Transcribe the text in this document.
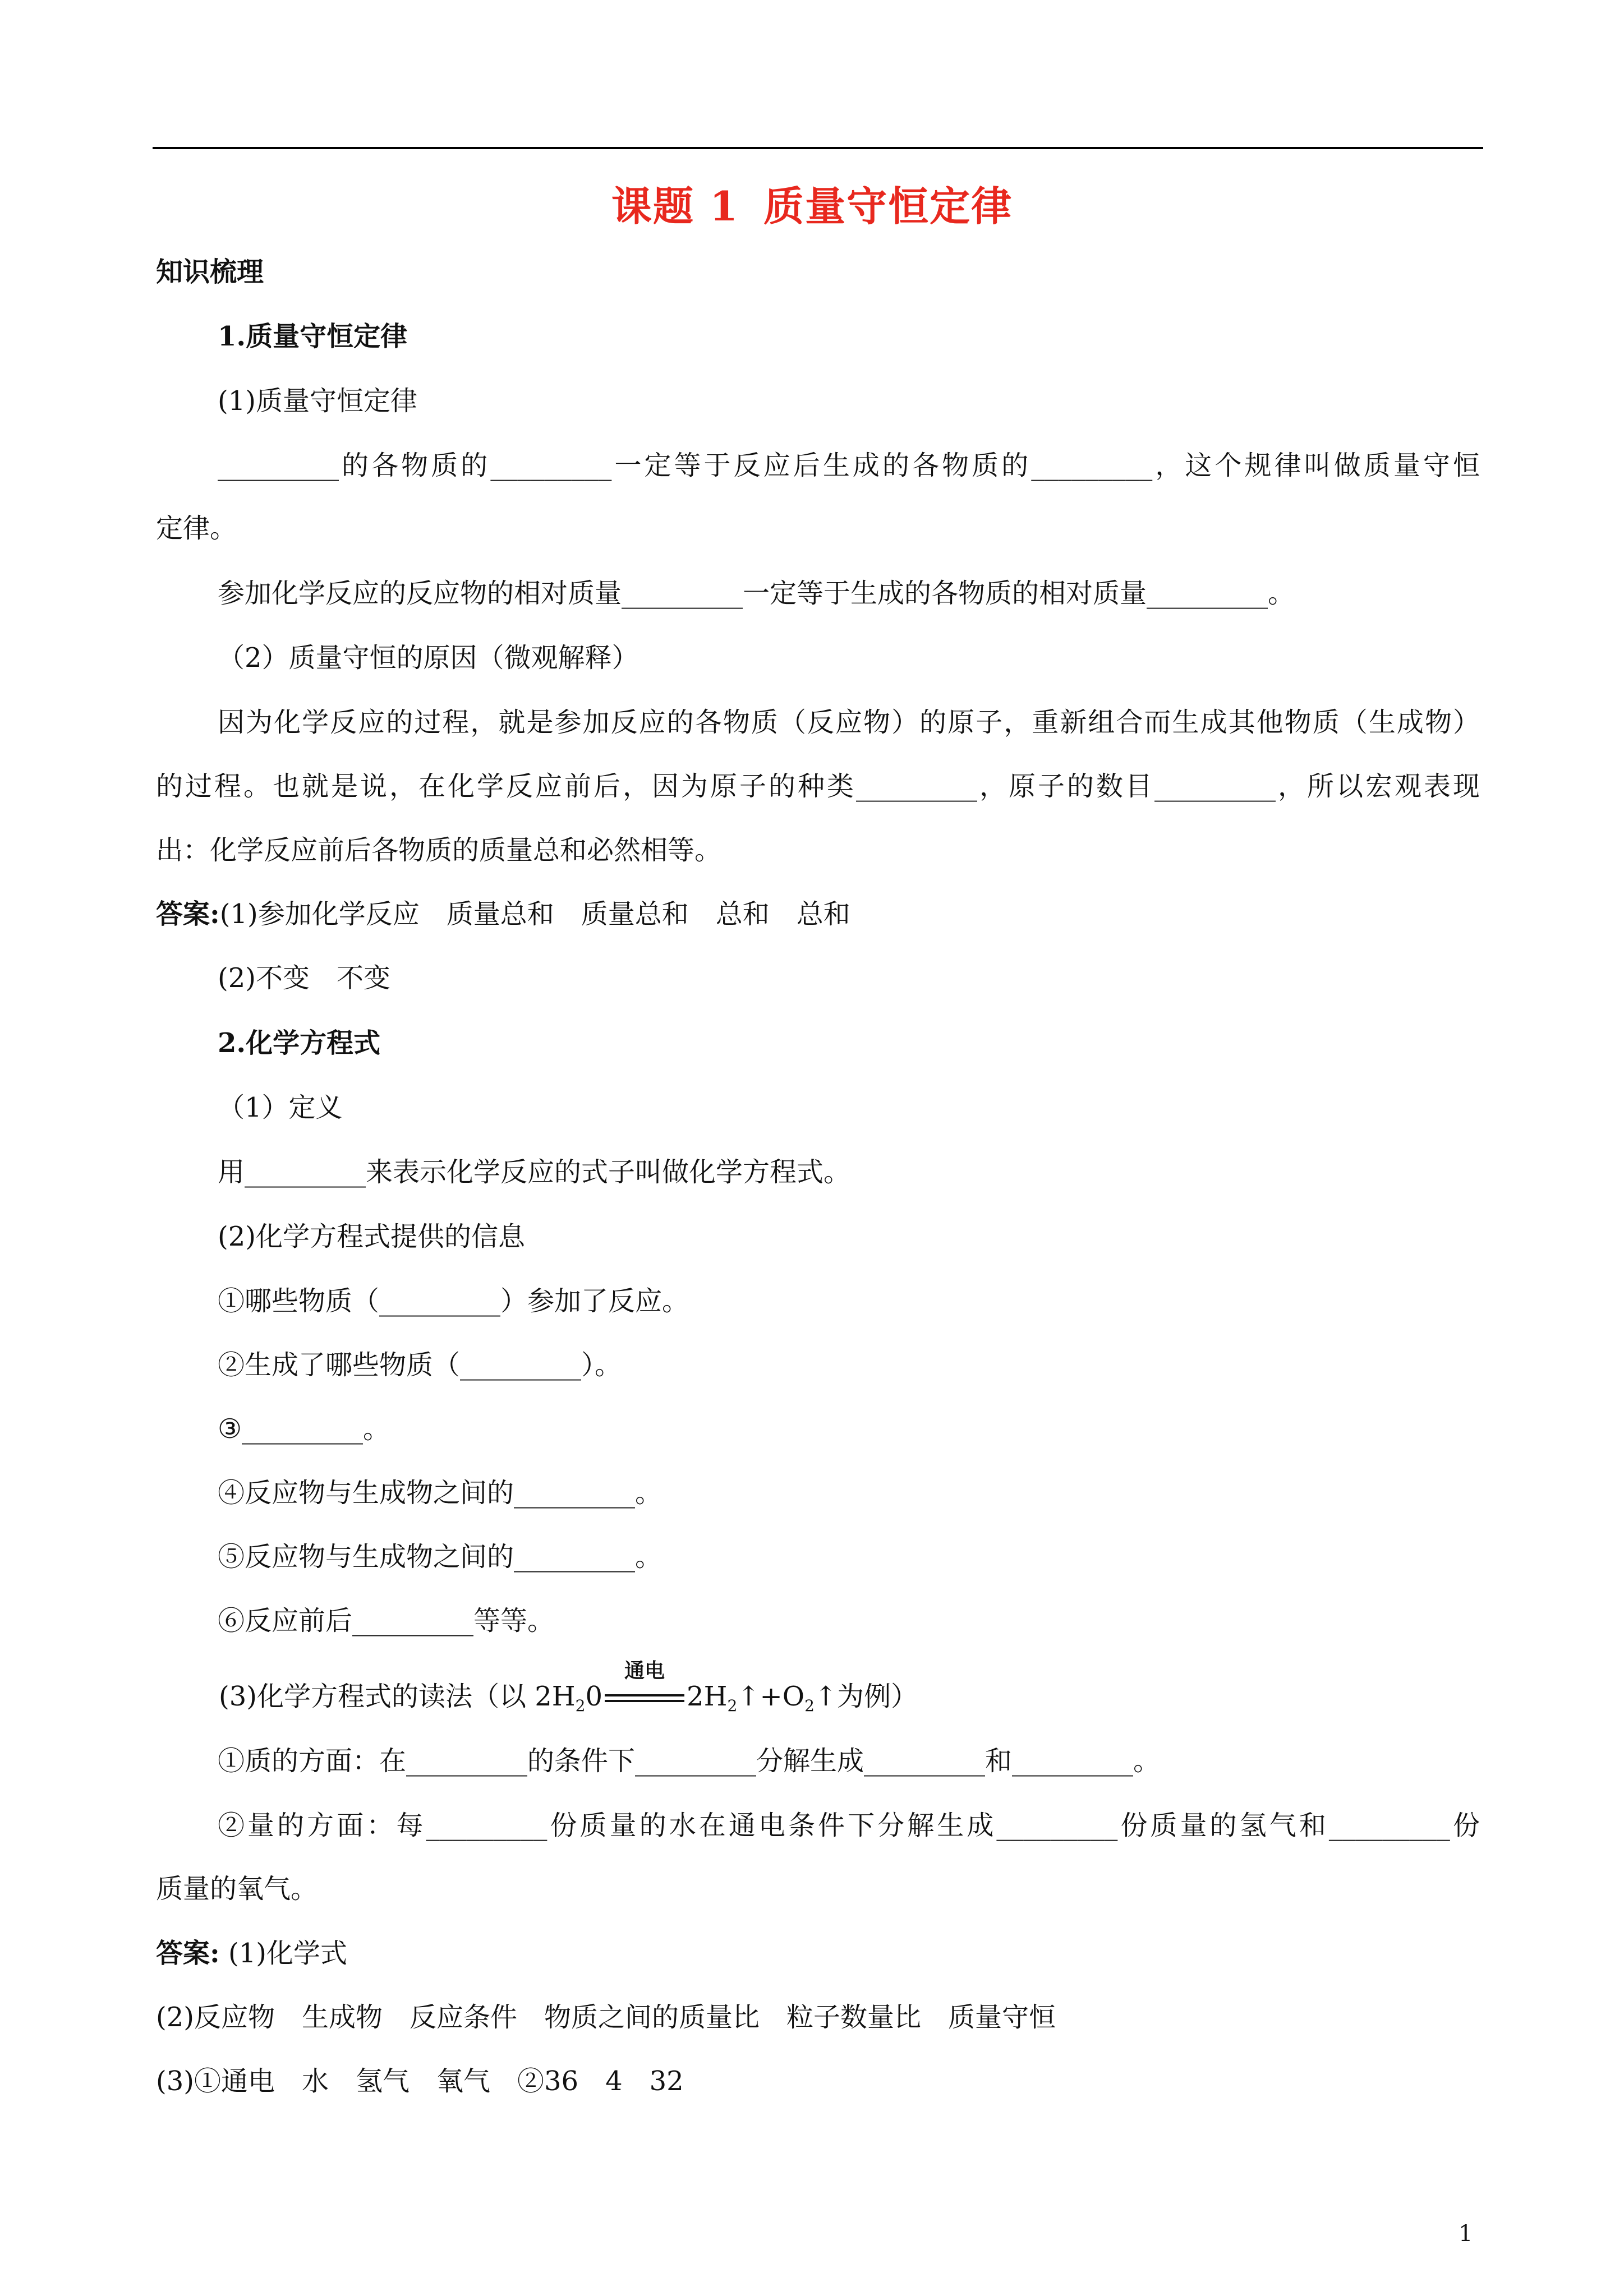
课题 1 质量守恒定律
知识梳理
1.质量守恒定律
(1)质量守恒定律
_________的各物质的_________一定等于反应后生成的各物质的_________，这个规律叫做质量守恒
定律。
参加化学反应的反应物的相对质量_________一定等于生成的各物质的相对质量_________。
（2）质量守恒的原因（微观解释）
因为化学反应的过程，就是参加反应的各物质（反应物）的原子，重新组合而生成其他物质（生成物）
的过程。也就是说，在化学反应前后，因为原子的种类_________，原子的数目_________，所以宏观表现
出：化学反应前后各物质的质量总和必然相等。
答案:(1)参加化学反应　质量总和　质量总和　总和　总和
(2)不变　不变
2.化学方程式
（1）定义
用_________来表示化学反应的式子叫做化学方程式。
(2)化学方程式提供的信息
①哪些物质（_________）参加了反应。
②生成了哪些物质（_________）。
③_________。
④反应物与生成物之间的_________。
⑤反应物与生成物之间的_________。
⑥反应前后_________等等。
(3)化学方程式的读法（以 $2H_20$
通电
$2H_2↑+O_2↑$为例）
①质的方面：在_________的条件下_________分解生成_________和_________。
②量的方面：每_________份质量的水在通电条件下分解生成_________份质量的氢气和_________份
质量的氧气。
答案: (1)化学式
(2)反应物　生成物　反应条件　物质之间的质量比　粒子数量比　质量守恒
(3)①通电　水　氢气　氧气　②36　4　32
1
